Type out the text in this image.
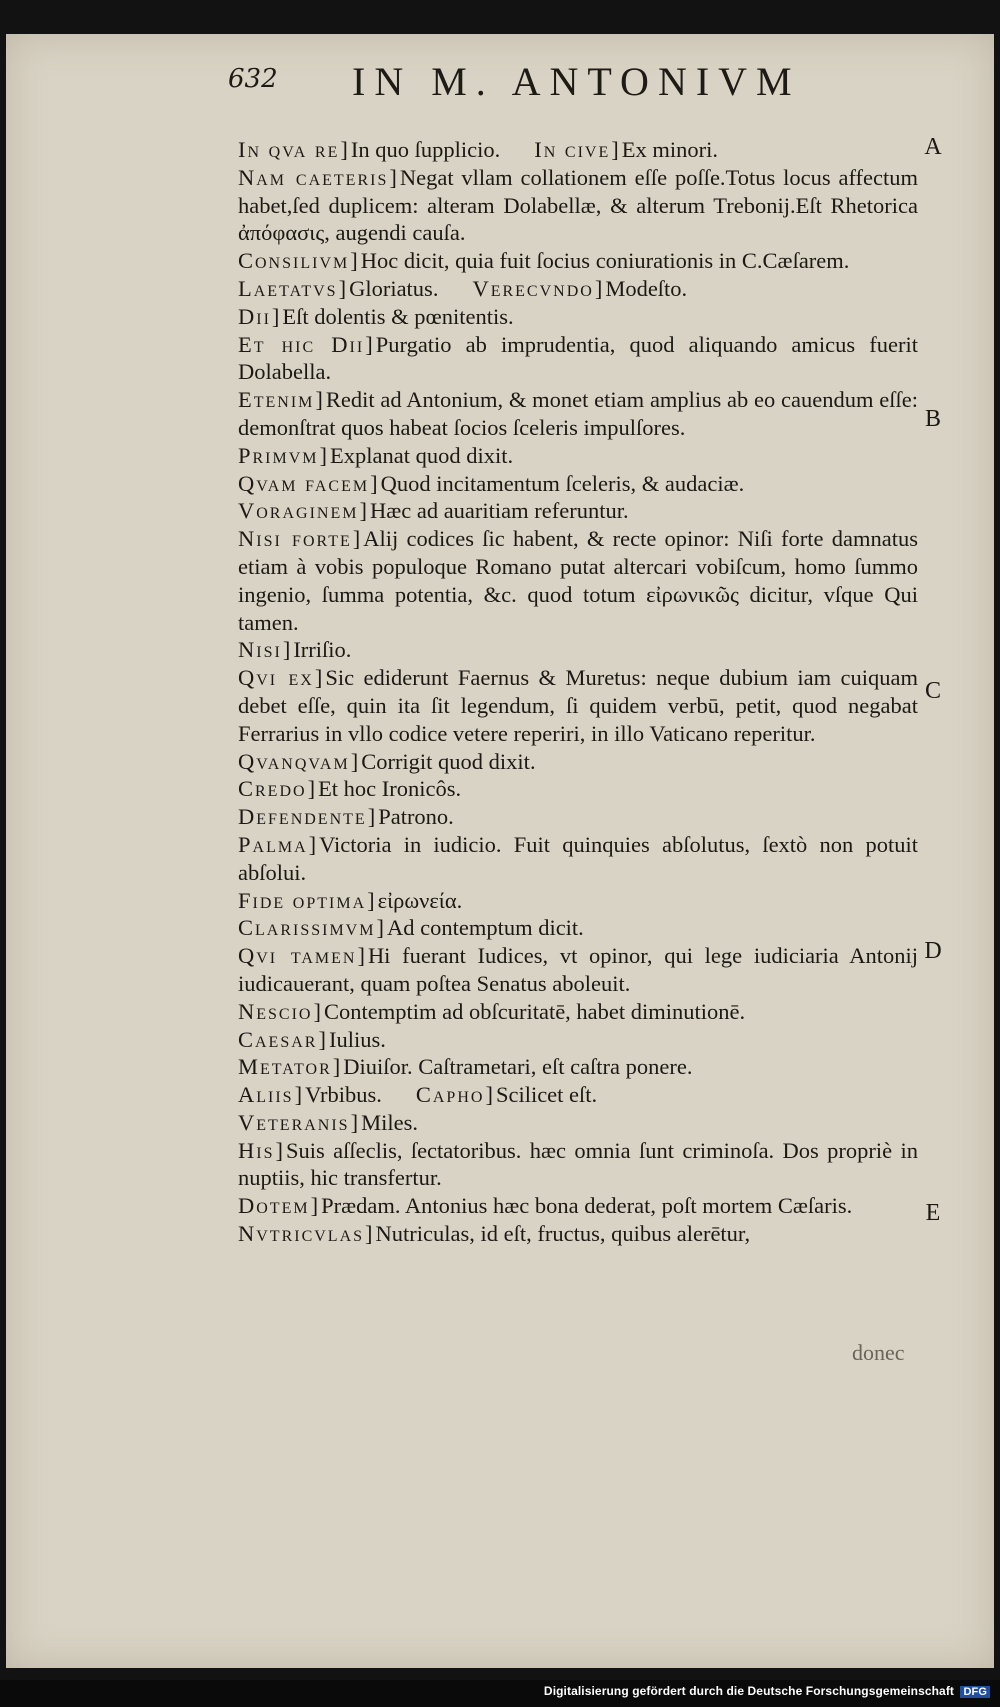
632 IN M. ANTONIVM

In qva re] In quo ſupplicio. In cive] Ex minori.

Nam caeteris] Negat vllam collationem eſſe poſſe.Totus locus affectum habet,ſed duplicem: alteram Dolabellæ, & alterum Trebonij.Eſt Rhetorica ἀπόφασις, augendi cauſa.

Consilivm] Hoc dicit, quia fuit ſocius coniurationis in C.Cæſarem.

Laetatvs] Gloriatus. Verecvndo] Modeſto.

Dii] Eſt dolentis & pœnitentis.

Et hic Dii] Purgatio ab imprudentia, quod aliquando amicus fuerit Dolabella.

Etenim] Redit ad Antonium, & monet etiam amplius ab eo cauendum eſſe: demonſtrat quos habeat ſocios ſceleris impulſores.

Primvm] Explanat quod dixit.

Qvam facem] Quod incitamentum ſceleris, & audaciæ.

Voraginem] Hæc ad auaritiam referuntur.

Nisi forte] Alij codices ſic habent, & recte opinor: Niſi forte damnatus etiam à vobis populoque Romano putat altercari vobiſcum, homo ſummo ingenio, ſumma potentia, &c. quod totum εἰρωνικῶς dicitur, vſque Qui tamen.

Nisi] Irriſio.

Qvi ex] Sic ediderunt Faernus & Muretus: neque dubium iam cuiquam debet eſſe, quin ita ſit legendum, ſi quidem verbū, petit, quod negabat Ferrarius in vllo codice vetere reperiri, in illo Vaticano reperitur.

Qvanqvam] Corrigit quod dixit.

Credo] Et hoc Ironicôs.

Defendente] Patrono.

Palma] Victoria in iudicio. Fuit quinquies abſolutus, ſextò non potuit abſolui.

Fide optima] εἰρωνεία.

Clarissimvm] Ad contemptum dicit.

Qvi tamen] Hi fuerant Iudices, vt opinor, qui lege iudiciaria Antonij iudicauerant, quam poſtea Senatus aboleuit.

Nescio] Contemptim ad obſcuritatē, habet diminutionē.

Caesar] Iulius.

Metator] Diuiſor. Caſtrametari, eſt caſtra ponere.

Aliis] Vrbibus. Capho] Scilicet eſt.

Veteranis] Miles.

His] Suis aſſeclis, ſectatoribus. hæc omnia ſunt criminoſa. Dos propriè in nuptiis, hic transfertur.

Dotem] Prædam. Antonius hæc bona dederat, poſt mortem Cæſaris.

Nvtricvlas] Nutriculas, id eſt, fructus, quibus alerētur,

donec
A
B
C
D
E
Digitalisierung gefördert durch die Deutsche Forschungsgemeinschaft DFG
